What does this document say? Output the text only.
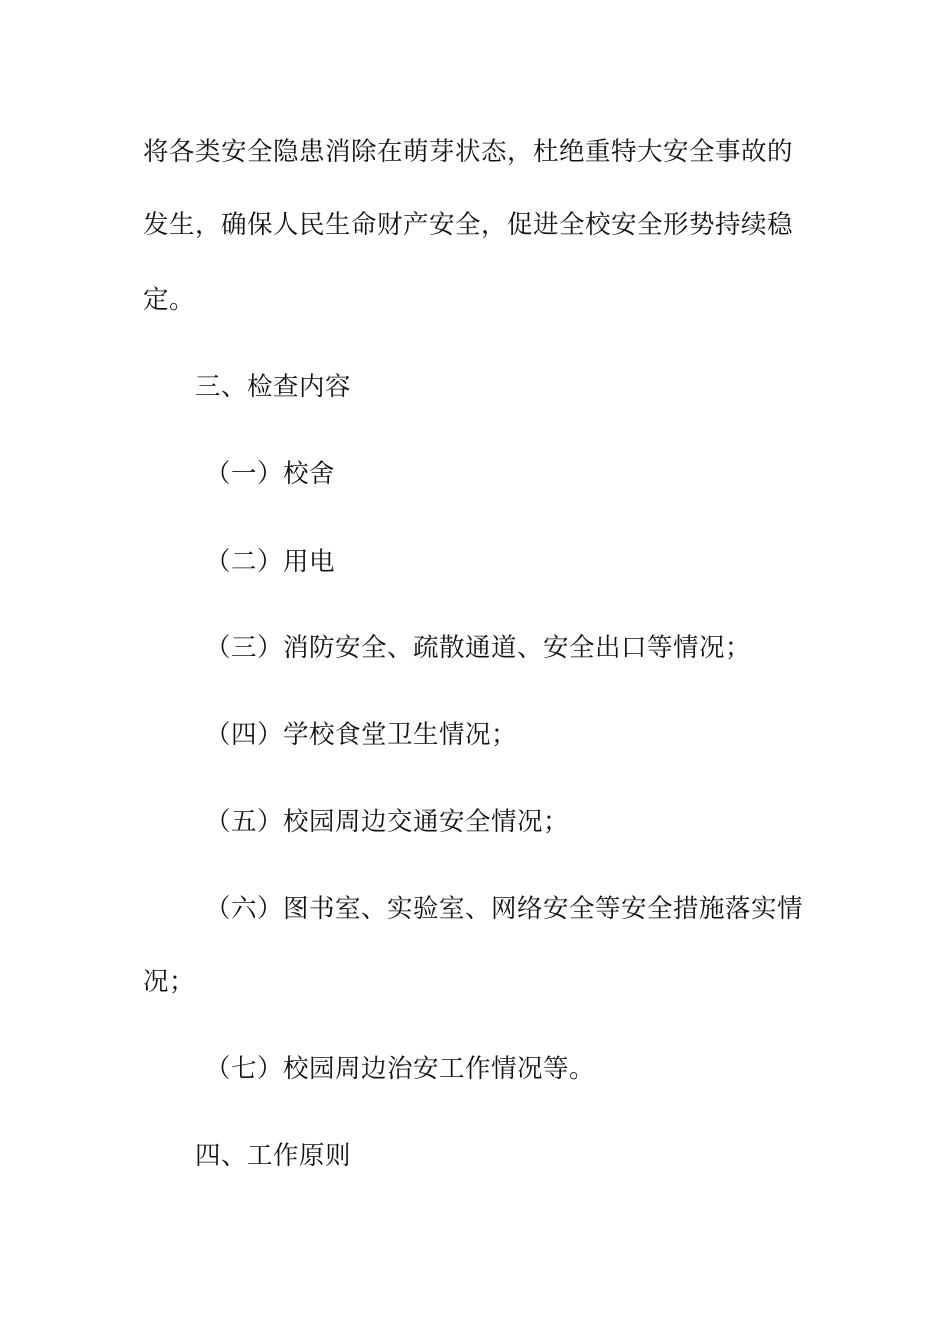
将各类安全隐患消除在萌芽状态，杜绝重特大安全事故的
发生，确保人民生命财产安全，促进全校安全形势持续稳
定。
三、检查内容
（一）校舍
（二）用电
（三）消防安全、疏散通道、安全出口等情况；
（四）学校食堂卫生情况；
（五）校园周边交通安全情况；
（六）图书室、实验室、网络安全等安全措施落实情
况；
（七）校园周边治安工作情况等。
四、工作原则
